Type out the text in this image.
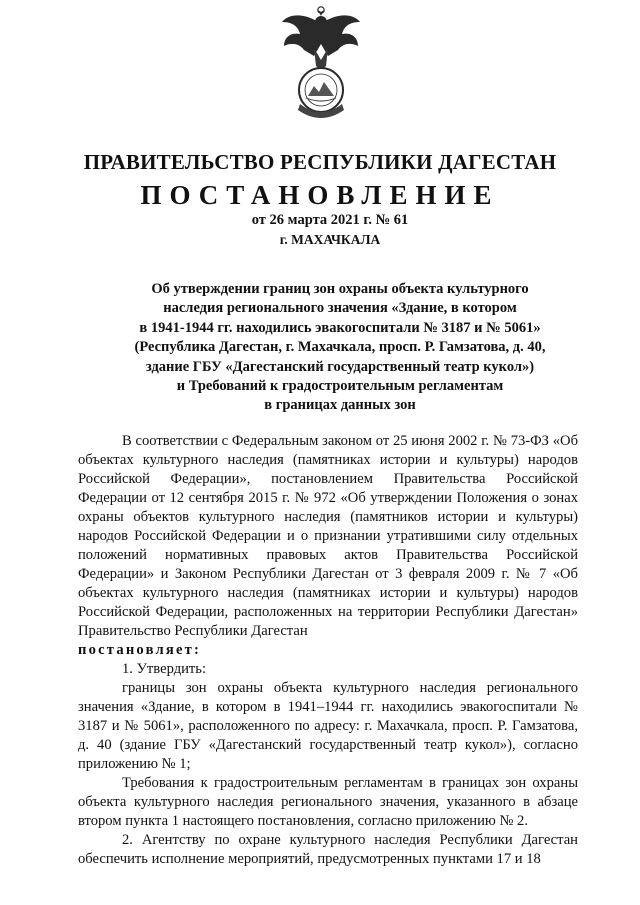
ПРАВИТЕЛЬСТВО РЕСПУБЛИКИ ДАГЕСТАН
ПОСТАНОВЛЕНИЕ
от 26 марта 2021 г. № 61
г. МАХАЧКАЛА
Об утверждении границ зон охраны объекта культурного
наследия регионального значения «Здание, в котором
в 1941-1944 гг. находились эвакогоспитали № 3187 и № 5061»
(Республика Дагестан, г. Махачкала, просп. Р. Гамзатова, д. 40,
здание ГБУ «Дагестанский государственный театр кукол»)
и Требований к градостроительным регламентам
в границах данных зон

В соответствии с Федеральным законом от 25 июня 2002 г. № 73-ФЗ «Об объектах культурного наследия (памятниках истории и культуры) народов Российской Федерации», постановлением Правительства Российской Федерации от 12 сентября 2015 г. № 972 «Об утверждении Положения о зонах охраны объектов культурного наследия (памятников истории и культуры) народов Российской Федерации и о признании утратившими силу отдельных положений нормативных правовых актов Правительства Российской Федерации» и Законом Республики Дагестан от 3 февраля 2009 г. № 7 «Об объектах культурного наследия (памятниках истории и культуры) народов Российской Федерации, расположенных на территории Республики Дагестан» Правительство Республики Дагестан

постановляет:

1. Утвердить:

границы зон охраны объекта культурного наследия регионального значения «Здание, в котором в 1941–1944 гг. находились эвакогоспитали № 3187 и № 5061», расположенного по адресу: г. Махачкала, просп. Р. Гамзатова, д. 40 (здание ГБУ «Дагестанский государственный театр кукол»), согласно приложению № 1;

Требования к градостроительным регламентам в границах зон охраны объекта культурного наследия регионального значения, указанного в абзаце втором пункта 1 настоящего постановления, согласно приложению № 2.

2. Агентству по охране культурного наследия Республики Дагестан обеспечить исполнение мероприятий, предусмотренных пунктами 17 и 18
